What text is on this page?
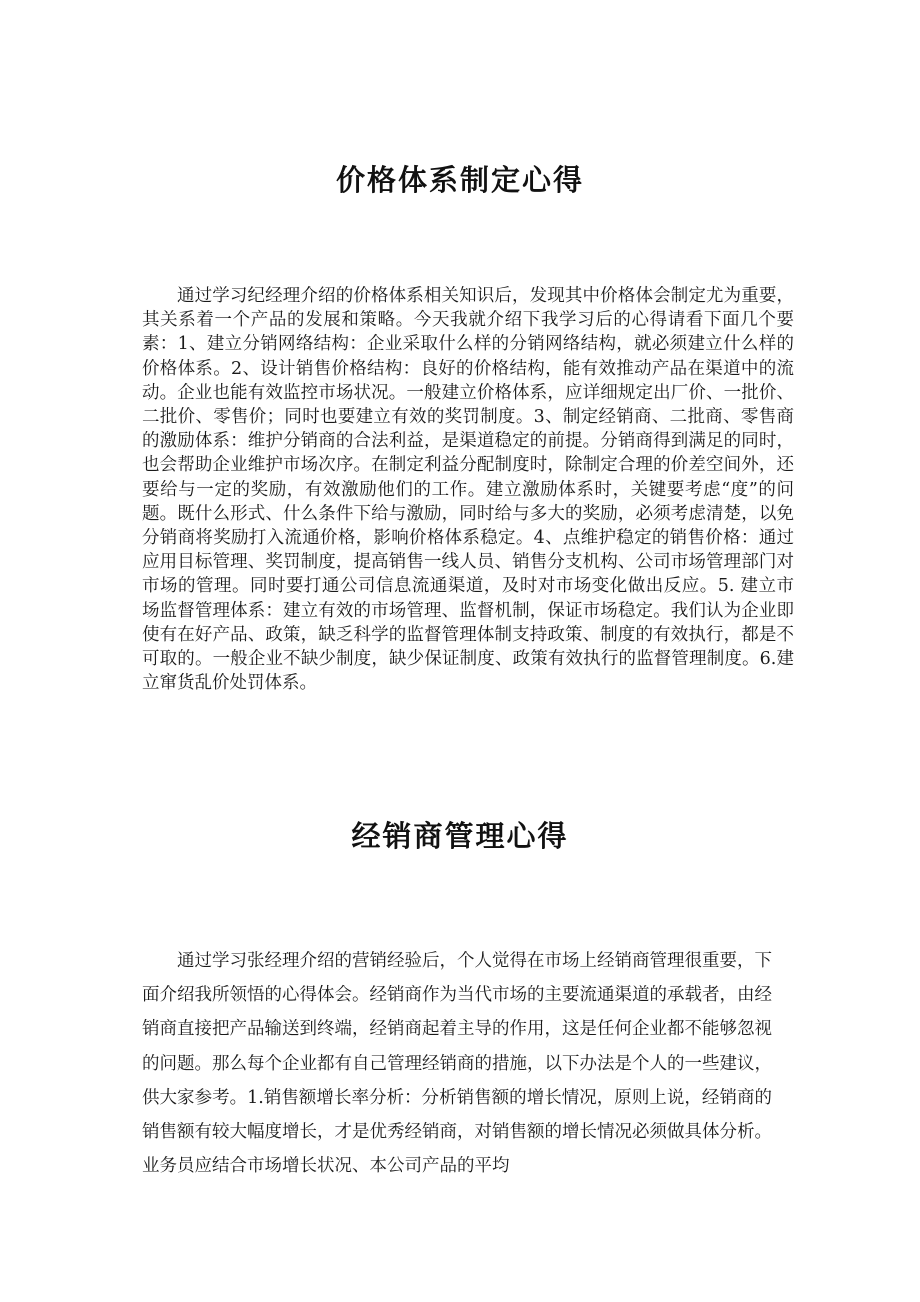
价格体系制定心得

通过学习纪经理介绍的价格体系相关知识后，发现其中价格体会制定尤为重要，其关系着一个产品的发展和策略。今天我就介绍下我学习后的心得请看下面几个要素：1、建立分销网络结构：企业采取什么样的分销网络结构，就必须建立什么样的价格体系。2、设计销售价格结构：良好的价格结构，能有效推动产品在渠道中的流动。企业也能有效监控市场状况。一般建立价格体系，应详细规定出厂价、一批价、二批价、零售价；同时也要建立有效的奖罚制度。3、制定经销商、二批商、零售商的激励体系：维护分销商的合法利益，是渠道稳定的前提。分销商得到满足的同时，也会帮助企业维护市场次序。在制定利益分配制度时，除制定合理的价差空间外，还要给与一定的奖励，有效激励他们的工作。建立激励体系时，关键要考虑“度”的问题。既什么形式、什么条件下给与激励，同时给与多大的奖励，必须考虑清楚，以免分销商将奖励打入流通价格，影响价格体系稳定。4、点维护稳定的销售价格：通过应用目标管理、奖罚制度，提高销售一线人员、销售分支机构、公司市场管理部门对市场的管理。同时要打通公司信息流通渠道，及时对市场变化做出反应。5. 建立市场监督管理体系：建立有效的市场管理、监督机制，保证市场稳定。我们认为企业即使有在好产品、政策，缺乏科学的监督管理体制支持政策、制度的有效执行，都是不可取的。一般企业不缺少制度，缺少保证制度、政策有效执行的监督管理制度。6.建立窜货乱价处罚体系。

经销商管理心得

通过学习张经理介绍的营销经验后，个人觉得在市场上经销商管理很重要，下面介绍我所领悟的心得体会。经销商作为当代市场的主要流通渠道的承载者，由经销商直接把产品输送到终端，经销商起着主导的作用，这是任何企业都不能够忽视的问题。那么每个企业都有自己管理经销商的措施，以下办法是个人的一些建议，供大家参考。1.销售额增长率分析：分析销售额的增长情况，原则上说，经销商的销售额有较大幅度增长，才是优秀经销商，对销售额的增长情况必须做具体分析。业务员应结合市场增长状况、本公司产品的平均
